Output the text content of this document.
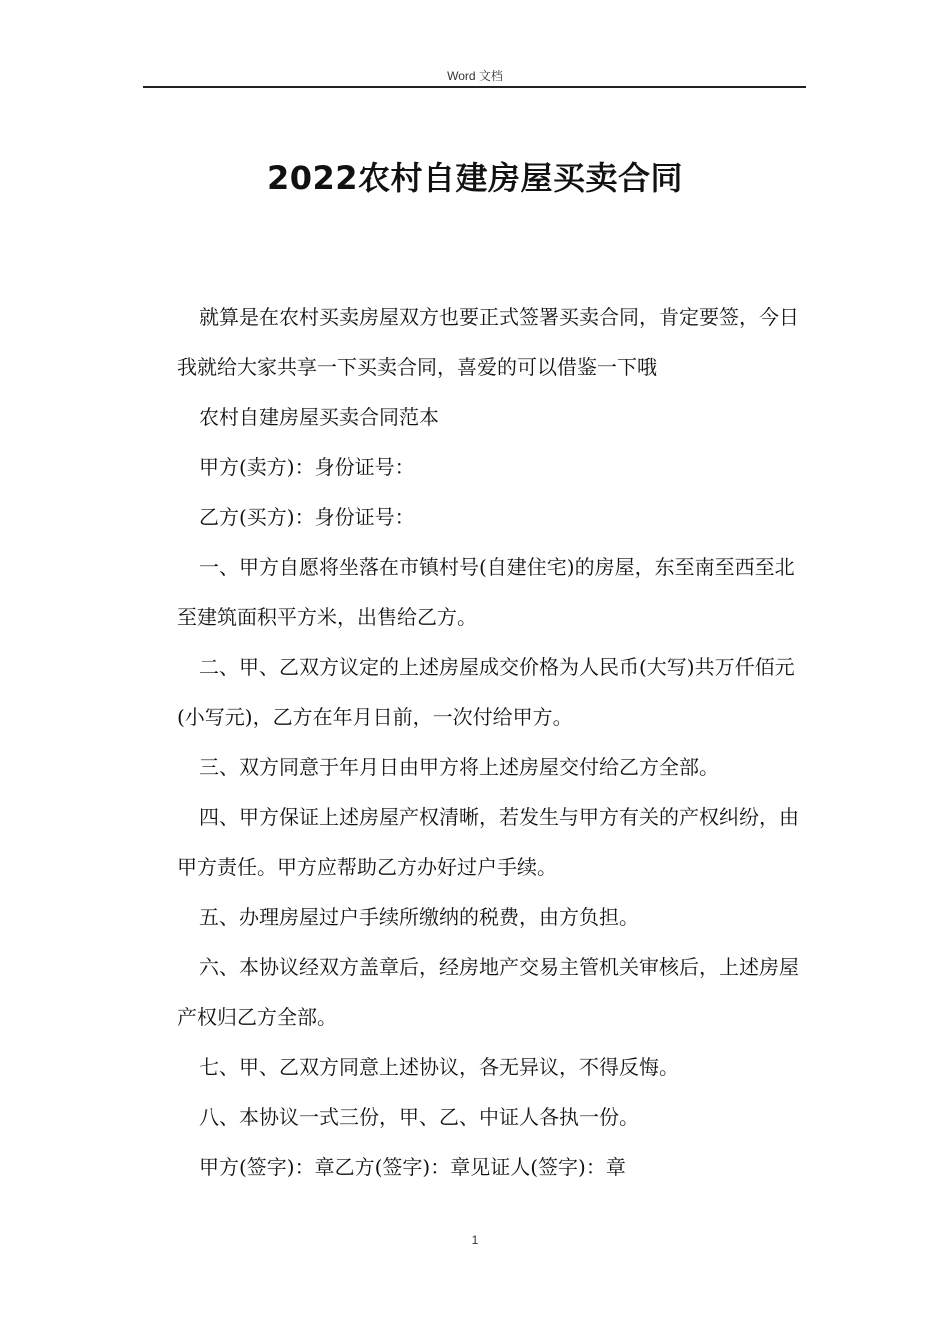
Word 文档
2022农村自建房屋买卖合同

就算是在农村买卖房屋双方也要正式签署买卖合同，肯定要签，今日我就给大家共享一下买卖合同，喜爱的可以借鉴一下哦

农村自建房屋买卖合同范本

甲方(卖方)：身份证号：

乙方(买方)：身份证号：

一、甲方自愿将坐落在市镇村号(自建住宅)的房屋，东至南至西至北至建筑面积平方米，出售给乙方。

二、甲、乙双方议定的上述房屋成交价格为人民币(大写)共万仟佰元(小写元)，乙方在年月日前，一次付给甲方。

三、双方同意于年月日由甲方将上述房屋交付给乙方全部。

四、甲方保证上述房屋产权清晰，若发生与甲方有关的产权纠纷，由甲方责任。甲方应帮助乙方办好过户手续。

五、办理房屋过户手续所缴纳的税费，由方负担。

六、本协议经双方盖章后，经房地产交易主管机关审核后，上述房屋产权归乙方全部。

七、甲、乙双方同意上述协议，各无异议，不得反悔。

八、本协议一式三份，甲、乙、中证人各执一份。

甲方(签字)：章乙方(签字)：章见证人(签字)：章

1
